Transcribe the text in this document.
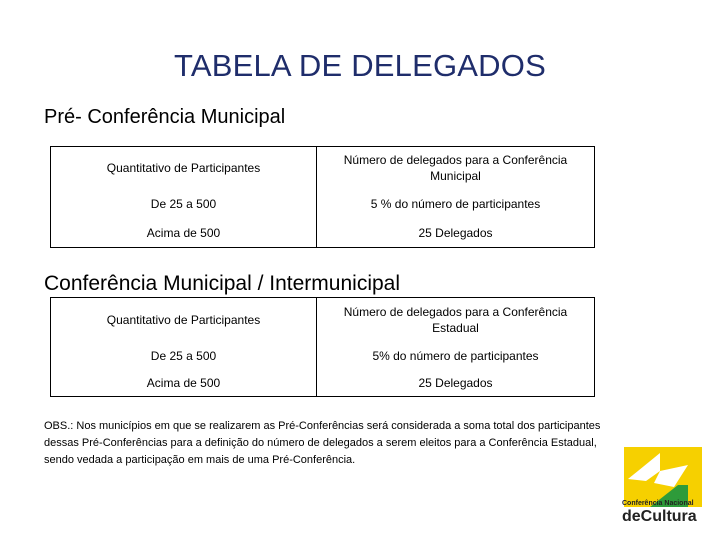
TABELA DE DELEGADOS
Pré- Conferência Municipal
Quantitativo de Participantes	Número de delegados para a Conferência Municipal
De 25 a 500	5 % do número de participantes
Acima de 500	25 Delegados
Conferência Municipal / Intermunicipal
Quantitativo de Participantes	Número de delegados para a Conferência Estadual
De 25 a 500	5% do número de participantes
Acima de 500	25 Delegados
OBS.: Nos municípios em que se realizarem as Pré-Conferências será considerada a soma total dos participantes dessas Pré-Conferências para a definição do número de delegados a serem eleitos para a Conferência Estadual, sendo vedada a participação em mais de uma Pré-Conferência.
Conferência Nacional
deCultura
